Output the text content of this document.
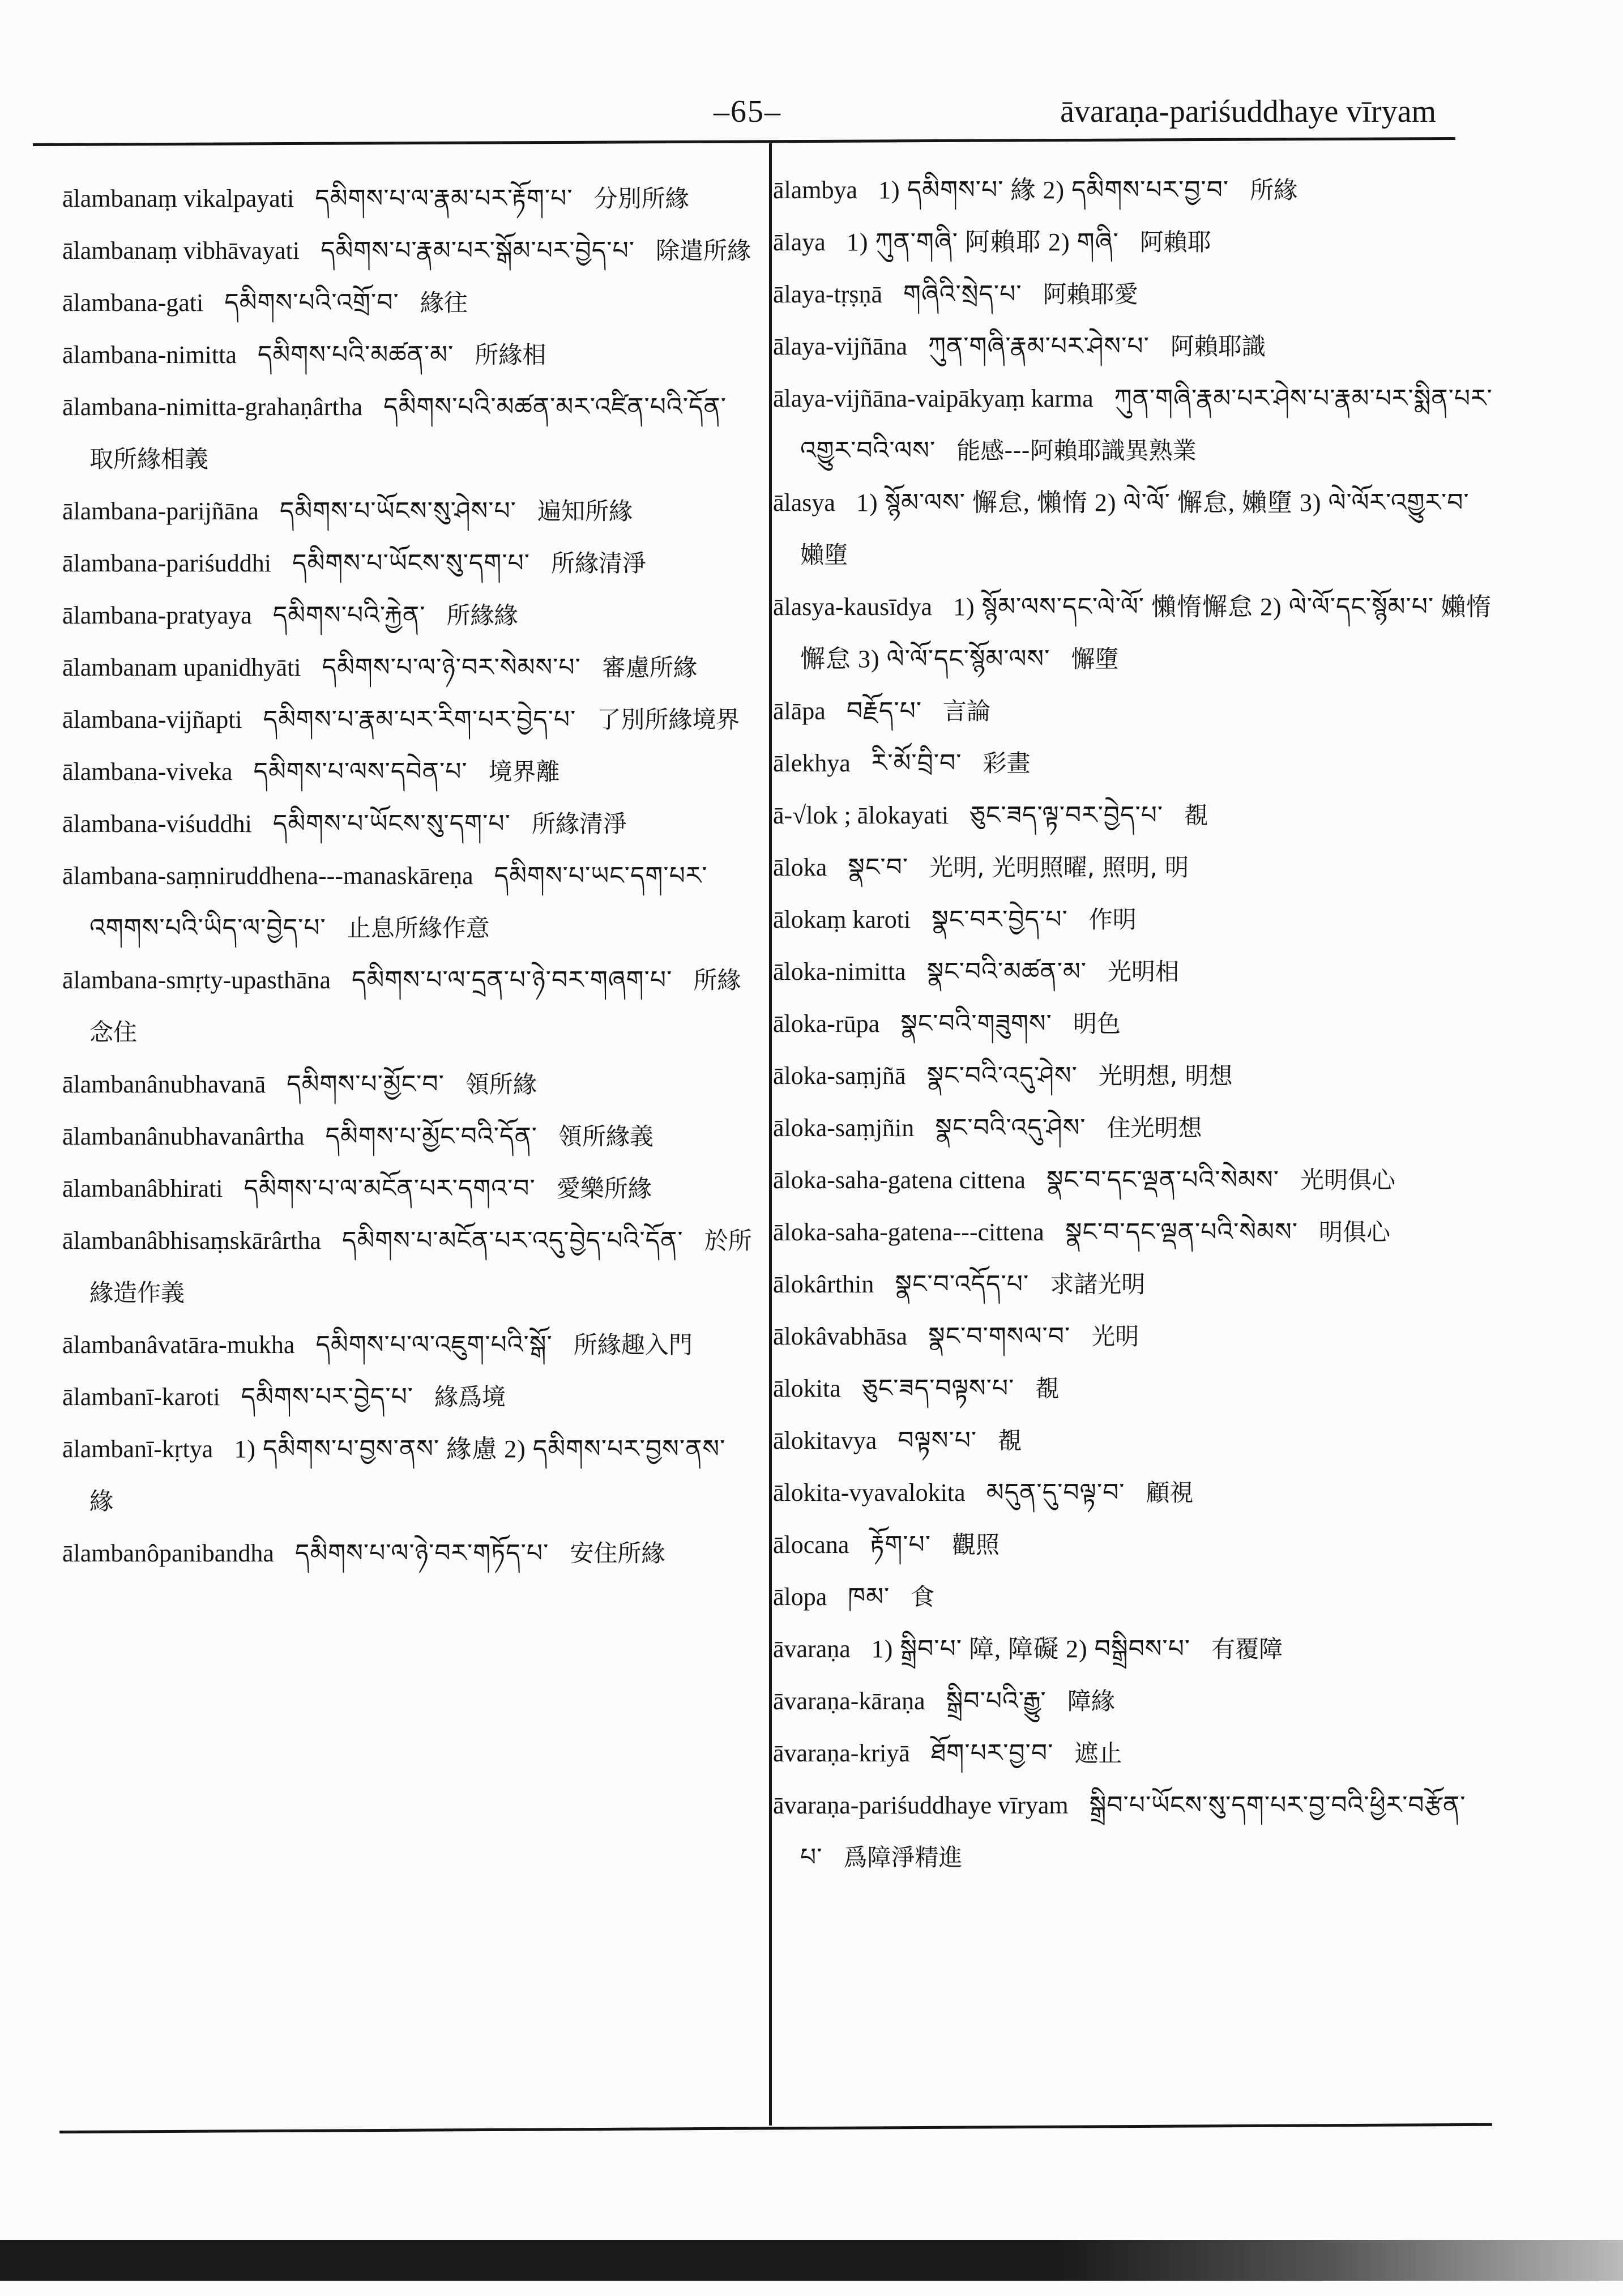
–65–	āvaraṇa-pariśuddhaye vīryam
ālambanaṃ vikalpayati དམིགས་པ་ལ་རྣམ་པར་རྟོག་པ་ 分別所緣
ālambanaṃ vibhāvayati དམིགས་པ་རྣམ་པར་སྒོམ་པར་བྱེད་པ་ 除遣所緣
ālambana-gati དམིགས་པའི་འགྲོ་བ་ 緣往
ālambana-nimitta དམིགས་པའི་མཚན་མ་ 所緣相
ālambana-nimitta-grahaṇârtha དམིགས་པའི་མཚན་མར་འཛིན་པའི་དོན་ 取所緣相義
ālambana-parijñāna དམིགས་པ་ཡོངས་སུ་ཤེས་པ་ 遍知所緣
ālambana-pariśuddhi དམིགས་པ་ཡོངས་སུ་དག་པ་ 所緣清淨
ālambana-pratyaya དམིགས་པའི་རྐྱེན་ 所緣緣
ālambanam upanidhyāti དམིགས་པ་ལ་ཉེ་བར་སེམས་པ་ 審慮所緣
ālambana-vijñapti དམིགས་པ་རྣམ་པར་རིག་པར་བྱེད་པ་ 了別所緣境界
ālambana-viveka དམིགས་པ་ལས་དབེན་པ་ 境界離
ālambana-viśuddhi དམིགས་པ་ཡོངས་སུ་དག་པ་ 所緣清淨
ālambana-saṃniruddhena---manaskāreṇa དམིགས་པ་ཡང་དག་པར་འགགས་པའི་ཡིད་ལ་བྱེད་པ་ 止息所緣作意
ālambana-smṛty-upasthāna དམིགས་པ་ལ་དྲན་པ་ཉེ་བར་གཞག་པ་ 所緣念住
ālambanânubhavanā དམིགས་པ་མྱོང་བ་ 領所緣
ālambanânubhavanârtha དམིགས་པ་མྱོང་བའི་དོན་ 領所緣義
ālambanâbhirati དམིགས་པ་ལ་མངོན་པར་དགའ་བ་ 愛樂所緣
ālambanâbhisaṃskārârtha དམིགས་པ་མངོན་པར་འདུ་བྱེད་པའི་དོན་ 於所緣造作義
ālambanâvatāra-mukha དམིགས་པ་ལ་འཇུག་པའི་སྒོ་ 所緣趣入門
ālambanī-karoti དམིགས་པར་བྱེད་པ་ 緣爲境
ālambanī-kṛtya 1) དམིགས་པ་བྱས་ནས་ 緣慮 2) དམིགས་པར་བྱས་ནས་ 緣
ālambanôpanibandha དམིགས་པ་ལ་ཉེ་བར་གཏོད་པ་ 安住所緣
ālambya 1) དམིགས་པ་ 緣 2) དམིགས་པར་བྱ་བ་ 所緣
ālaya 1) ཀུན་གཞི་ 阿賴耶 2) གཞི་ 阿賴耶
ālaya-tṛṣṇā གཞིའི་སྲེད་པ་ 阿賴耶愛
ālaya-vijñāna ཀུན་གཞི་རྣམ་པར་ཤེས་པ་ 阿賴耶識
ālaya-vijñāna-vaipākyaṃ karma ཀུན་གཞི་རྣམ་པར་ཤེས་པ་རྣམ་པར་སྨིན་པར་འགྱུར་བའི་ལས་ 能感---阿賴耶識異熟業
ālasya 1) སྙོམ་ལས་ 懈怠, 懶惰 2) ལེ་ལོ་ 懈怠, 嬾墮 3) ལེ་ལོར་འགྱུར་བ་ 嬾墮
ālasya-kausīdya 1) སྙོམ་ལས་དང་ལེ་ལོ་ 懶惰懈怠 2) ལེ་ལོ་དང་སྙོམ་པ་ 嬾惰懈怠 3) ལེ་ལོ་དང་སྙོམ་ལས་ 懈墮
ālāpa བརྗོད་པ་ 言論
ālekhya རི་མོ་བྲི་བ་ 彩畫
ā-√lok ; ālokayati ཅུང་ཟད་ལྟ་བར་བྱེད་པ་ 覩
āloka སྣང་བ་ 光明, 光明照曜, 照明, 明
ālokaṃ karoti སྣང་བར་བྱེད་པ་ 作明
āloka-nimitta སྣང་བའི་མཚན་མ་ 光明相
āloka-rūpa སྣང་བའི་གཟུགས་ 明色
āloka-saṃjñā སྣང་བའི་འདུ་ཤེས་ 光明想, 明想
āloka-saṃjñin སྣང་བའི་འདུ་ཤེས་ 住光明想
āloka-saha-gatena cittena སྣང་བ་དང་ལྡན་པའི་སེམས་ 光明俱心
āloka-saha-gatena---cittena སྣང་བ་དང་ལྡན་པའི་སེམས་ 明俱心
ālokârthin སྣང་བ་འདོད་པ་ 求諸光明
ālokâvabhāsa སྣང་བ་གསལ་བ་ 光明
ālokita ཅུང་ཟད་བལྟས་པ་ 覩
ālokitavya བལྟས་པ་ 覩
ālokita-vyavalokita མདུན་དུ་བལྟ་བ་ 顧視
ālocana རྟོག་པ་ 觀照
ālopa ཁམ་ 食
āvaraṇa 1) སྒྲིབ་པ་ 障, 障礙 2) བསྒྲིབས་པ་ 有覆障
āvaraṇa-kāraṇa སྒྲིབ་པའི་རྒྱུ་ 障緣
āvaraṇa-kriyā ཐོག་པར་བྱ་བ་ 遮止
āvaraṇa-pariśuddhaye vīryam སྒྲིབ་པ་ཡོངས་སུ་དག་པར་བྱ་བའི་ཕྱིར་བརྩོན་པ་ 爲障淨精進
